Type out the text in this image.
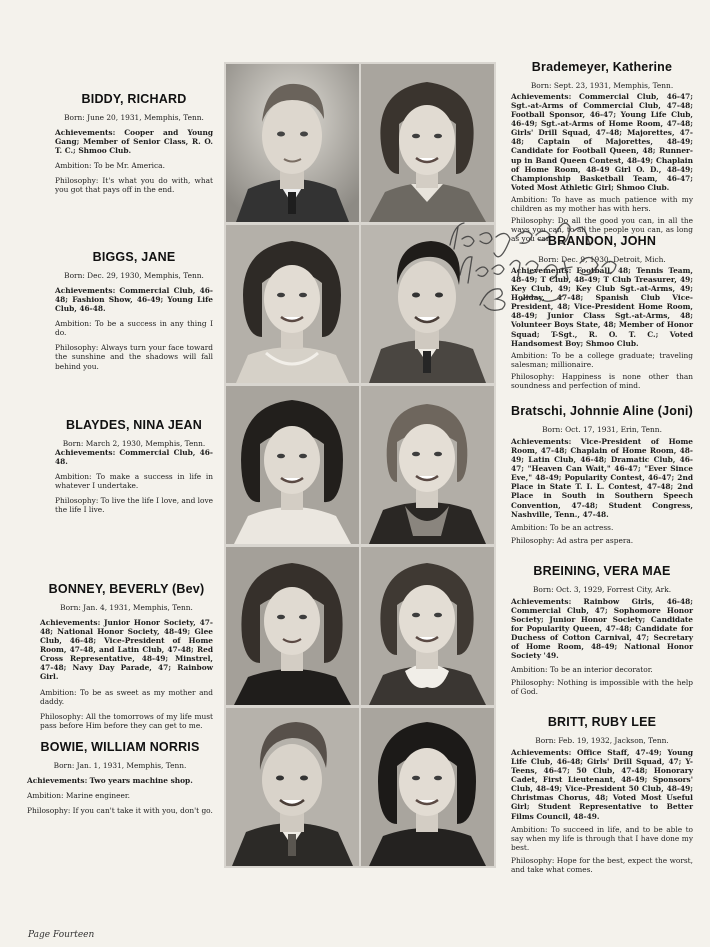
BIDDY, RICHARD

Born: June 20, 1931, Memphis, Tenn.

Achievements: Cooper and Young Gang; Member of Senior Class, R. O. T. C.; Shmoo Club.

Ambition: To be Mr. America.

Philosophy: It's what you do with, what you got that pays off in the end.

BIGGS, JANE

Born: Dec. 29, 1930, Memphis, Tenn.

Achievements: Commercial Club, 46-48; Fashion Show, 46-49; Young Life Club, 46-48.

Ambition: To be a success in any thing I do.

Philosophy: Always turn your face toward the sunshine and the shadows will fall behind you.

BLAYDES, NINA JEAN

Born: March 2, 1930, Memphis, Tenn.

Achievements: Commercial Club, 46-48.

Ambition: To make a success in life in whatever I undertake.

Philosophy: To live the life I love, and love the life I live.

BONNEY, BEVERLY (Bev)

Born: Jan. 4, 1931, Memphis, Tenn.

Achievements: Junior Honor Society, 47-48; National Honor Society, 48-49; Glee Club, 46-48; Vice-President of Home Room, 47-48, and Latin Club, 47-48; Red Cross Representative, 48-49; Minstrel, 47-48; Navy Day Parade, 47; Rainbow Girl.

Ambition: To be as sweet as my mother and daddy.

Philosophy: All the tomorrows of my life must pass before Him before they can get to me.

BOWIE, WILLIAM NORRIS

Born: Jan. 1, 1931, Memphis, Tenn.

Achievements: Two years machine shop.

Ambition: Marine engineer.

Philosophy: If you can't take it with you, don't go.

Brademeyer, Katherine

Born: Sept. 23, 1931, Memphis, Tenn.

Achievements: Commercial Club, 46-47; Sgt.-at-Arms of Commercial Club, 47-48; Football Sponsor, 46-47; Young Life Club, 46-49; Sgt.-at-Arms of Home Room, 47-48; Girls' Drill Squad, 47-48; Majorettes, 47-48; Captain of Majorettes, 48-49; Candidate for Football Queen, 48; Runner-up in Band Queen Contest, 48-49; Chaplain of Home Room, 48-49 Girl O. D., 48-49; Championship Basketball Team, 46-47; Voted Most Athletic Girl; Shmoo Club.

Ambition: To have as much patience with my children as my mother has with hers.

Philosophy: Do all the good you can, in all the ways you can, to all the people you can, as long as you can.

BRANDON, JOHN

Born: Dec. 9, 1930, Detroit, Mich.

Achievements: Football, 48; Tennis Team, 48-49; T Club, 48-49; T Club Treasurer, 49; Key Club, 49; Key Club Sgt.-at-Arms, 49; Holiday, 47-48; Spanish Club Vice-President, 48; Vice-President Home Room, 48-49; Junior Class Sgt.-at-Arms, 48; Volunteer Boys State, 48; Member of Honor Squad; T-Sgt., R. O. T. C.; Voted Handsomest Boy; Shmoo Club.

Ambition: To be a college graduate; traveling salesman; millionaire.

Philosophy: Happiness is none other than soundness and perfection of mind.

Bratschi, Johnnie Aline (Joni)

Born: Oct. 17, 1931, Erin, Tenn.

Achievements: Vice-President of Home Room, 47-48; Chaplain of Home Room, 48-49; Latin Club, 46-48; Dramatic Club, 46-47; "Heaven Can Wait," 46-47; "Ever Since Eve," 48-49; Popularity Contest, 46-47; 2nd Place in State T. I. L. Contest, 47-48; 2nd Place in South in Southern Speech Convention, 47-48; Student Congress, Nashville, Tenn., 47-48.

Ambition: To be an actress.

Philosophy: Ad astra per aspera.

BREINING, VERA MAE

Born: Oct. 3, 1929, Forrest City, Ark.

Achievements: Rainbow Girls, 46-48; Commercial Club, 47; Sophomore Honor Society; Junior Honor Society; Candidate for Popularity Queen, 47-48; Candidate for Duchess of Cotton Carnival, 47; Secretary of Home Room, 48-49; National Honor Society '49.

Ambition: To be an interior decorator.

Philosophy: Nothing is impossible with the help of God.

BRITT, RUBY LEE

Born: Feb. 19, 1932, Jackson, Tenn.

Achievements: Office Staff, 47-49; Young Life Club, 46-48; Girls' Drill Squad, 47; Y-Teens, 46-47; 50 Club, 47-48; Honorary Cadet, First Lieutenant, 48-49; Sponsors' Club, 48-49; Vice-President 50 Club, 48-49; Christmas Chorus, 48; Voted Most Useful Girl; Student Representative to Better Films Council, 48-49.

Ambition: To succeed in life, and to be able to say when my life is through that I have done my best.

Philosophy: Hope for the best, expect the worst, and take what comes.

Page Fourteen
